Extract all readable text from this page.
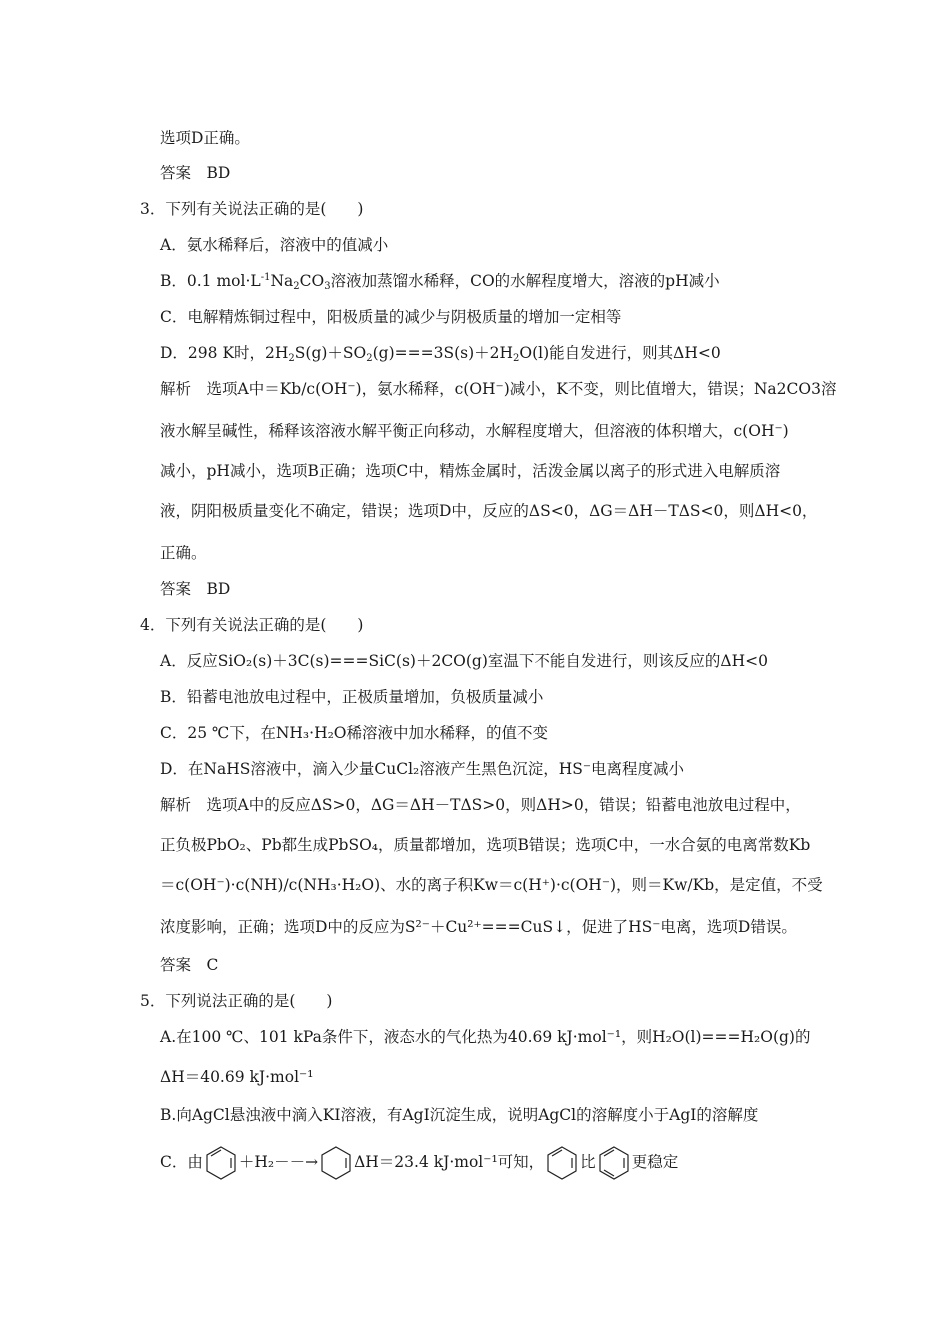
选项D正确。
答案　BD
3．下列有关说法正确的是(　　)
A．氨水稀释后，溶液中的值减小
B．0.1 $mol\cdot L^{-1}Na_2CO_3$溶液加蒸馏水稀释，CO的水解程度增大，溶液的pH减小
C．电解精炼铜过程中，阳极质量的减少与阴极质量的增加一定相等
D．298 K时，$2H_2S(g)+SO_2(g)===3S(s)+2H_2O(l)$能自发进行，则其ΔH<0
解析　选项A中＝Kb/c(OH⁻)，氨水稀释，c(OH⁻)减小，K不变，则比值增大，错误；Na2CO3溶
液水解呈碱性，稀释该溶液水解平衡正向移动，水解程度增大，但溶液的体积增大，c(OH⁻)
减小，pH减小，选项B正确；选项C中，精炼金属时，活泼金属以离子的形式进入电解质溶
液，阴阳极质量变化不确定，错误；选项D中，反应的ΔS<0，ΔG＝ΔH－TΔS<0，则ΔH<0，
正确。
答案　BD
4．下列有关说法正确的是(　　)
A．反应SiO₂(s)＋3C(s)===SiC(s)＋2CO(g)室温下不能自发进行，则该反应的ΔH<0
B．铅蓄电池放电过程中，正极质量增加，负极质量减小
C．25 ℃下，在NH₃·H₂O稀溶液中加水稀释，的值不变
D．在NaHS溶液中，滴入少量CuCl₂溶液产生黑色沉淀，HS⁻电离程度减小
解析　选项A中的反应ΔS>0，ΔG＝ΔH－TΔS>0，则ΔH>0，错误；铅蓄电池放电过程中，
正负极PbO₂、Pb都生成PbSO₄，质量都增加，选项B错误；选项C中，一水合氨的电离常数Kb
＝c(OH⁻)·c(NH)/c(NH₃·H₂O)、水的离子积Kw＝c(H⁺)·c(OH⁻)，则＝Kw/Kb，是定值，不受
浓度影响，正确；选项D中的反应为S²⁻＋Cu²⁺===CuS↓，促进了HS⁻电离，选项D错误。
答案　C
5．下列说法正确的是(　　)
A.在100 ℃、101 kPa条件下，液态水的气化热为40.69 kJ·mol⁻¹，则H₂O(l)===H₂O(g)的
ΔH＝40.69 kJ·mol⁻¹
B.向AgCl悬浊液中滴入KI溶液，有AgI沉淀生成，说明AgCl的溶解度小于AgI的溶解度
C．由 ＋H₂－－→ ΔH＝23.4 kJ·mol⁻¹可知， 比 更稳定
